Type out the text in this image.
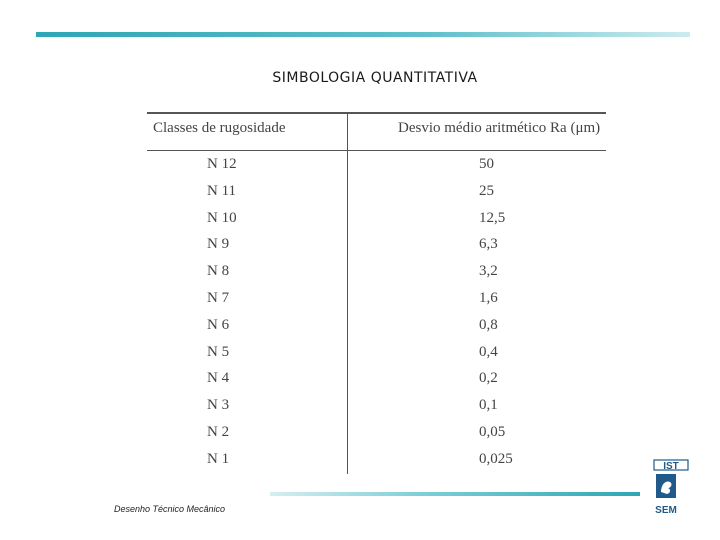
SIMBOLOGIA QUANTITATIVA
Classes de rugosidade	Desvio médio aritmético Ra (μm)
N 12	50
N 11	25
N 10	12,5
N 9	6,3
N 8	3,2
N 7	1,6
N 6	0,8
N 5	0,4
N 4	0,2
N 3	0,1
N 2	0,05
N 1	0,025
Desenho Técnico Mecânico
IST
SEM
